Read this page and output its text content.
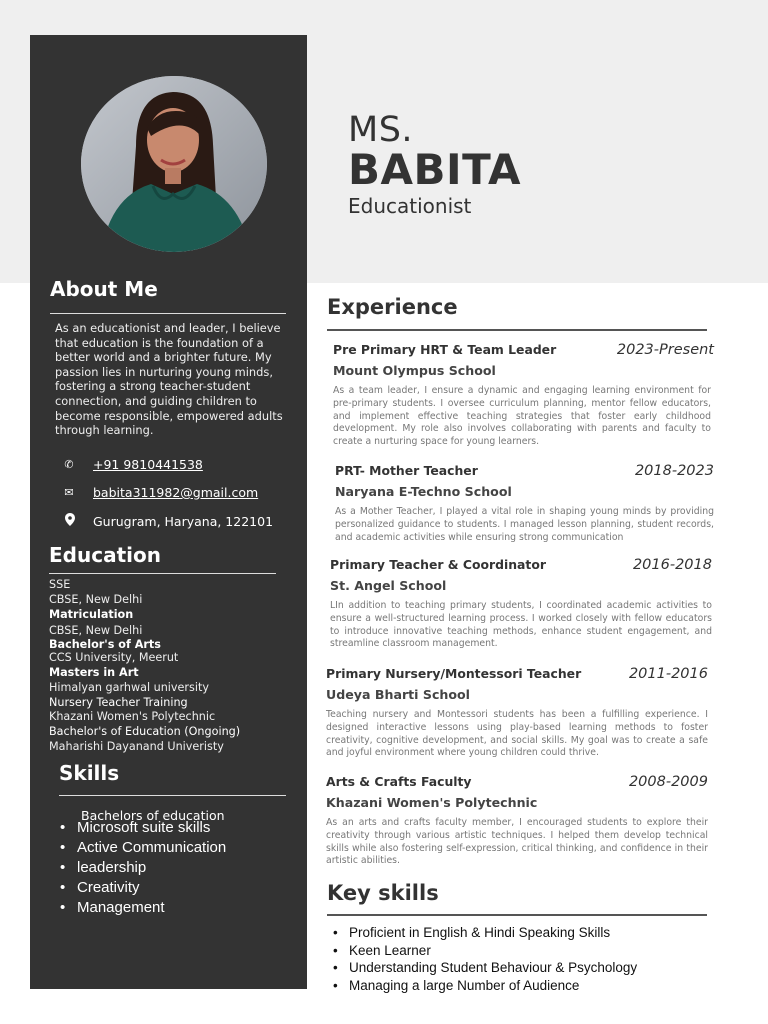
MS.
BABITA
Educationist
About Me
As an educationist and leader, I believe that education is the foundation of a better world and a brighter future. My passion lies in nurturing young minds, fostering a strong teacher-student connection, and guiding children to become responsible, empowered adults through learning.
✆ +91 9810441538
✉ babita311982@gmail.com
Gurugram, Haryana, 122101
Education
SSE
CBSE, New Delhi
Matriculation
CBSE, New Delhi
Bachelor's of Arts
CCS University, Meerut
Masters in Art
Himalyan garhwal university
Nursery Teacher Training
Khazani Women's Polytechnic
Bachelor's of Education (Ongoing)
Maharishi Dayanand Univeristy
Skills
Bachelors of education
• Microsoft suite skills
• Active Communication
• leadership
• Creativity
• Management
Experience
Pre Primary HRT & Team Leader	2023-Present
Mount Olympus School
As a team leader, I ensure a dynamic and engaging learning environment for pre-primary students. I oversee curriculum planning, mentor fellow educators, and implement effective teaching strategies that foster early childhood development. My role also involves collaborating with parents and faculty to create a nurturing space for young learners.
PRT- Mother Teacher	2018-2023
Naryana E-Techno School
As a Mother Teacher, I played a vital role in shaping young minds by providing personalized guidance to students. I managed lesson planning, student records, and academic activities while ensuring strong communication
Primary Teacher & Coordinator	2016-2018
St. Angel School
LIn addition to teaching primary students, I coordinated academic activities to ensure a well-structured learning process. I worked closely with fellow educators to introduce innovative teaching methods, enhance student engagement, and streamline classroom management.
Primary Nursery/Montessori Teacher	2011-2016
Udeya Bharti School
Teaching nursery and Montessori students has been a fulfilling experience. I designed interactive lessons using play-based learning methods to foster creativity, cognitive development, and social skills. My goal was to create a safe and joyful environment where young children could thrive.
Arts & Crafts Faculty	2008-2009
Khazani Women's Polytechnic
As an arts and crafts faculty member, I encouraged students to explore their creativity through various artistic techniques. I helped them develop technical skills while also fostering self-expression, critical thinking, and confidence in their artistic abilities.
Key skills
• Proficient in English & Hindi Speaking Skills
• Keen Learner
• Understanding Student Behaviour & Psychology
• Managing a large Number of Audience
